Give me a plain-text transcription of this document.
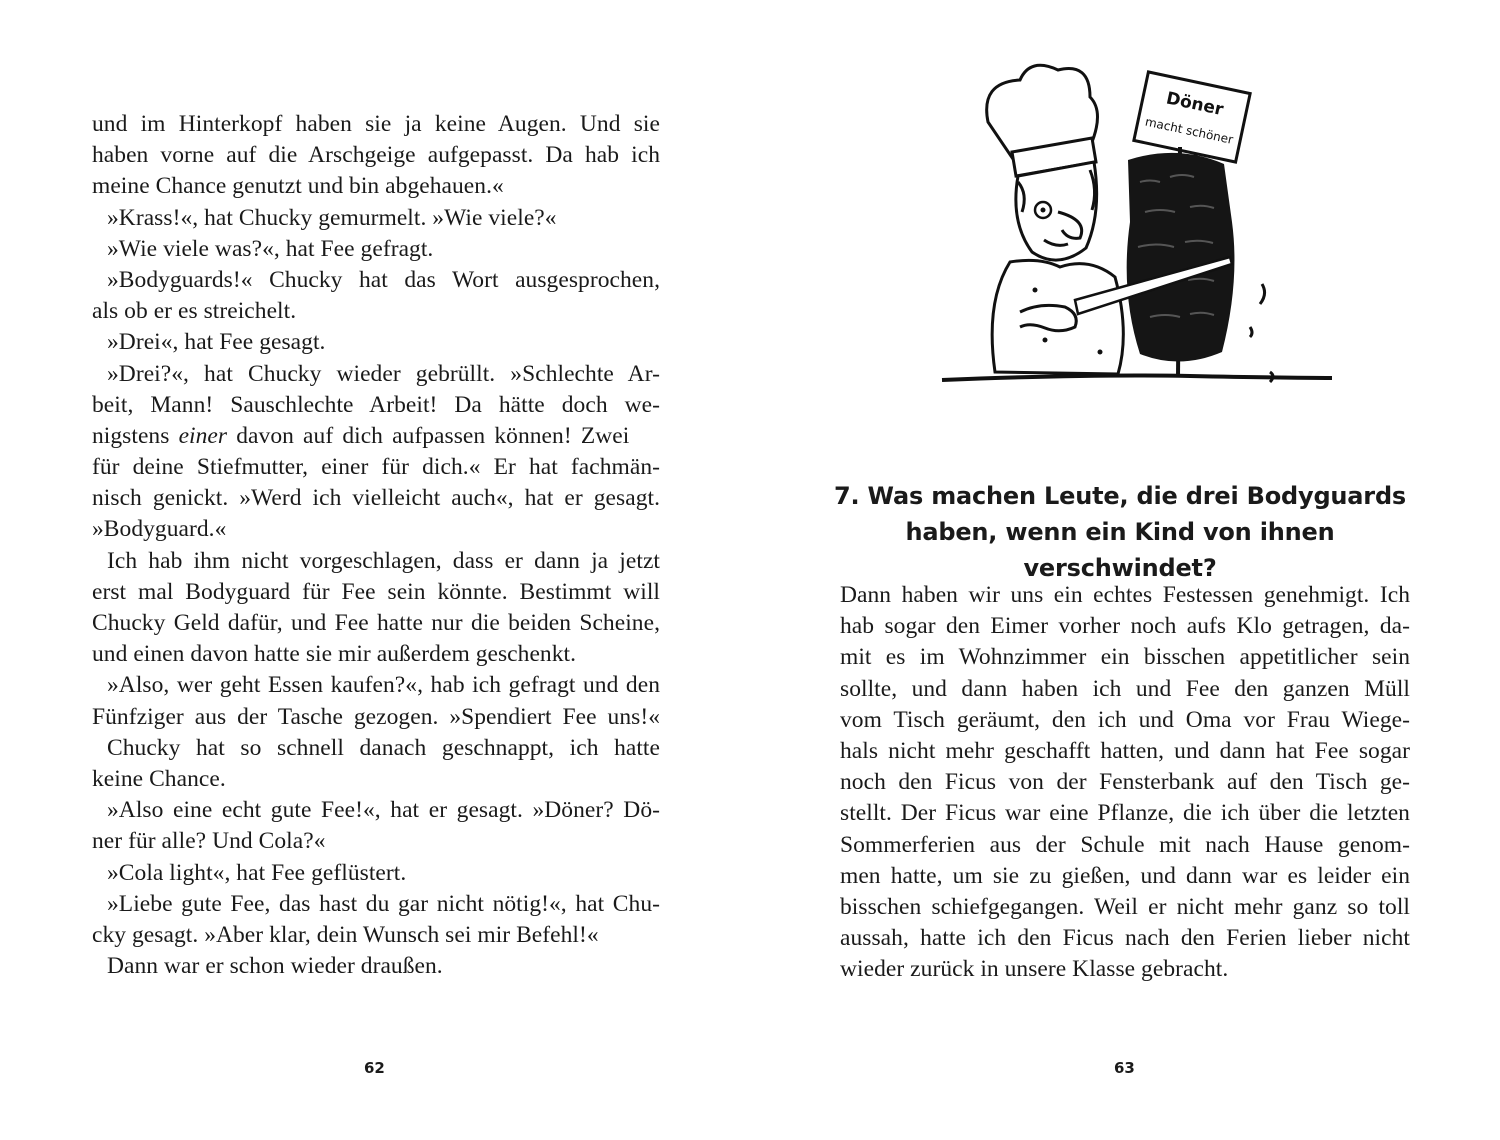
und im Hinterkopf haben sie ja keine Augen. Und sie
haben vorne auf die Arschgeige aufgepasst. Da hab ich
meine Chance genutzt und bin abgehauen.«
»Krass!«, hat Chucky gemurmelt. »Wie viele?«
»Wie viele was?«, hat Fee gefragt.
»Bodyguards!« Chucky hat das Wort ausgesprochen,
als ob er es streichelt.
»Drei«, hat Fee gesagt.
»Drei?«, hat Chucky wieder gebrüllt. »Schlechte Ar-
beit, Mann! Sauschlechte Arbeit! Da hätte doch we-
nigstens einer davon auf dich aufpassen können! Zwei
für deine Stiefmutter, einer für dich.« Er hat fachmän-
nisch genickt. »Werd ich vielleicht auch«, hat er gesagt.
»Bodyguard.«
Ich hab ihm nicht vorgeschlagen, dass er dann ja jetzt
erst mal Bodyguard für Fee sein könnte. Bestimmt will
Chucky Geld dafür, und Fee hatte nur die beiden Scheine,
und einen davon hatte sie mir außerdem geschenkt.
»Also, wer geht Essen kaufen?«, hab ich gefragt und den
Fünfziger aus der Tasche gezogen. »Spendiert Fee uns!«
Chucky hat so schnell danach geschnappt, ich hatte
keine Chance.
»Also eine echt gute Fee!«, hat er gesagt. »Döner? Dö-
ner für alle? Und Cola?«
»Cola light«, hat Fee geflüstert.
»Liebe gute Fee, das hast du gar nicht nötig!«, hat Chu-
cky gesagt. »Aber klar, dein Wunsch sei mir Befehl!«
Dann war er schon wieder draußen.
62
Döner
macht schöner
7. Was machen Leute, die drei Bodyguards
haben, wenn ein Kind von ihnen verschwindet?
Dann haben wir uns ein echtes Festessen genehmigt. Ich
hab sogar den Eimer vorher noch aufs Klo getragen, da-
mit es im Wohnzimmer ein bisschen appetitlicher sein
sollte, und dann haben ich und Fee den ganzen Müll
vom Tisch geräumt, den ich und Oma vor Frau Wiege-
hals nicht mehr geschafft hatten, und dann hat Fee sogar
noch den Ficus von der Fensterbank auf den Tisch ge-
stellt. Der Ficus war eine Pflanze, die ich über die letzten
Sommerferien aus der Schule mit nach Hause genom-
men hatte, um sie zu gießen, und dann war es leider ein
bisschen schiefgegangen. Weil er nicht mehr ganz so toll
aussah, hatte ich den Ficus nach den Ferien lieber nicht
wieder zurück in unsere Klasse gebracht.
63
